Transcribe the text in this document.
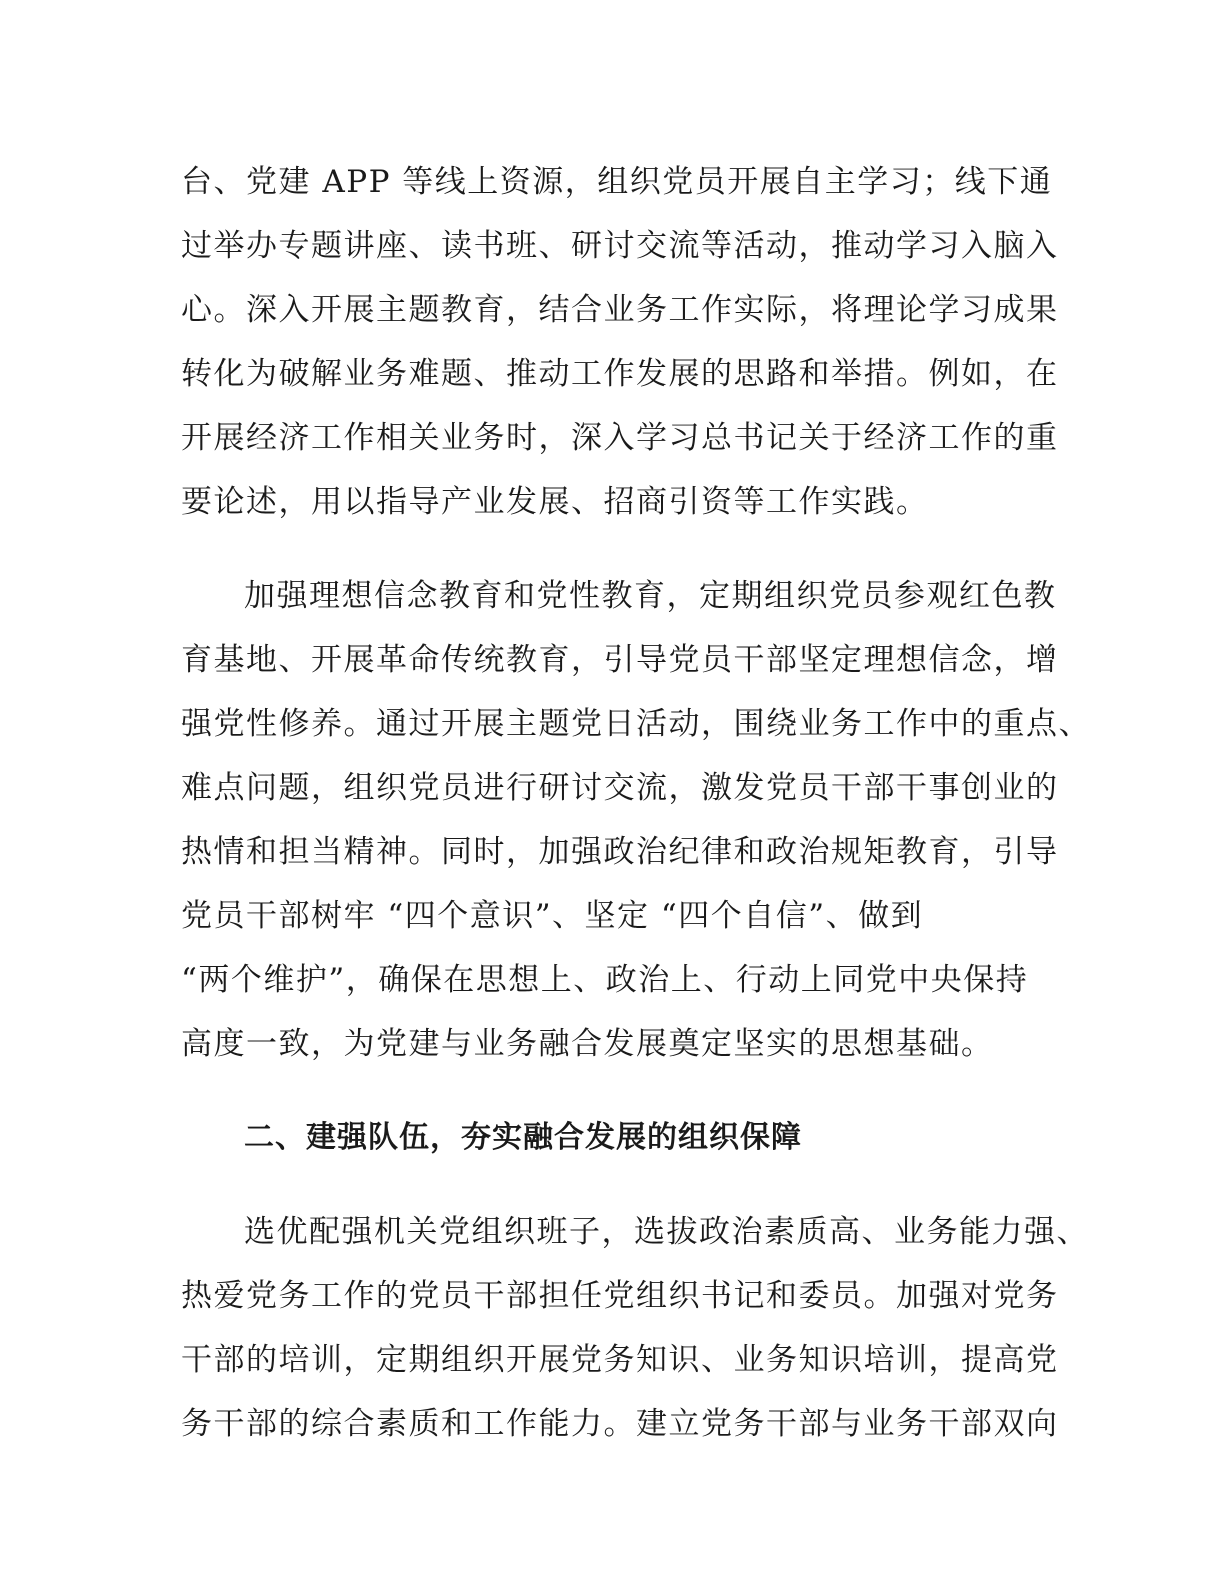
台、党建 APP 等线上资源，组织党员开展自主学习；线下通
过举办专题讲座、读书班、研讨交流等活动，推动学习入脑入
心。深入开展主题教育，结合业务工作实际，将理论学习成果
转化为破解业务难题、推动工作发展的思路和举措。例如，在
开展经济工作相关业务时，深入学习总书记关于经济工作的重
要论述，用以指导产业发展、招商引资等工作实践。
加强理想信念教育和党性教育，定期组织党员参观红色教
育基地、开展革命传统教育，引导党员干部坚定理想信念，增
强党性修养。通过开展主题党日活动，围绕业务工作中的重点、
难点问题，组织党员进行研讨交流，激发党员干部干事创业的
热情和担当精神。同时，加强政治纪律和政治规矩教育，引导
党员干部树牢 “四个意识”、坚定 “四个自信”、做到
“两个维护”，确保在思想上、政治上、行动上同党中央保持
高度一致，为党建与业务融合发展奠定坚实的思想基础。
二、建强队伍，夯实融合发展的组织保障
选优配强机关党组织班子，选拔政治素质高、业务能力强、
热爱党务工作的党员干部担任党组织书记和委员。加强对党务
干部的培训，定期组织开展党务知识、业务知识培训，提高党
务干部的综合素质和工作能力。建立党务干部与业务干部双向
